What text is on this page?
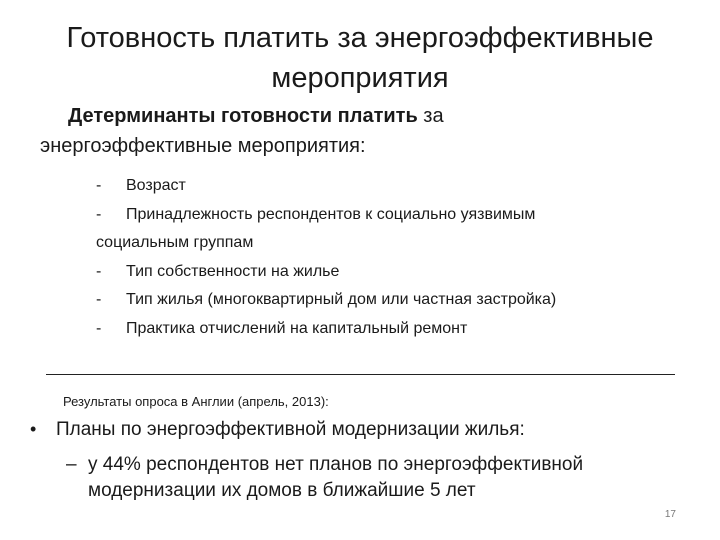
Готовность платить за энергоэффективные
мероприятия
Детерминанты готовности платить за
энергоэффективные мероприятия:
- Возраст
- Принадлежность респондентов к социально уязвимым
социальным группам
- Тип собственности на жилье
- Тип жилья (многоквартирный дом или частная застройка)
- Практика отчислений на капитальный ремонт
Результаты опроса в Англии (апрель, 2013):
• Планы по энергоэффективной модернизации жилья:
– у 44% респондентов нет планов по энергоэффективной
модернизации их домов в ближайшие 5 лет
17
